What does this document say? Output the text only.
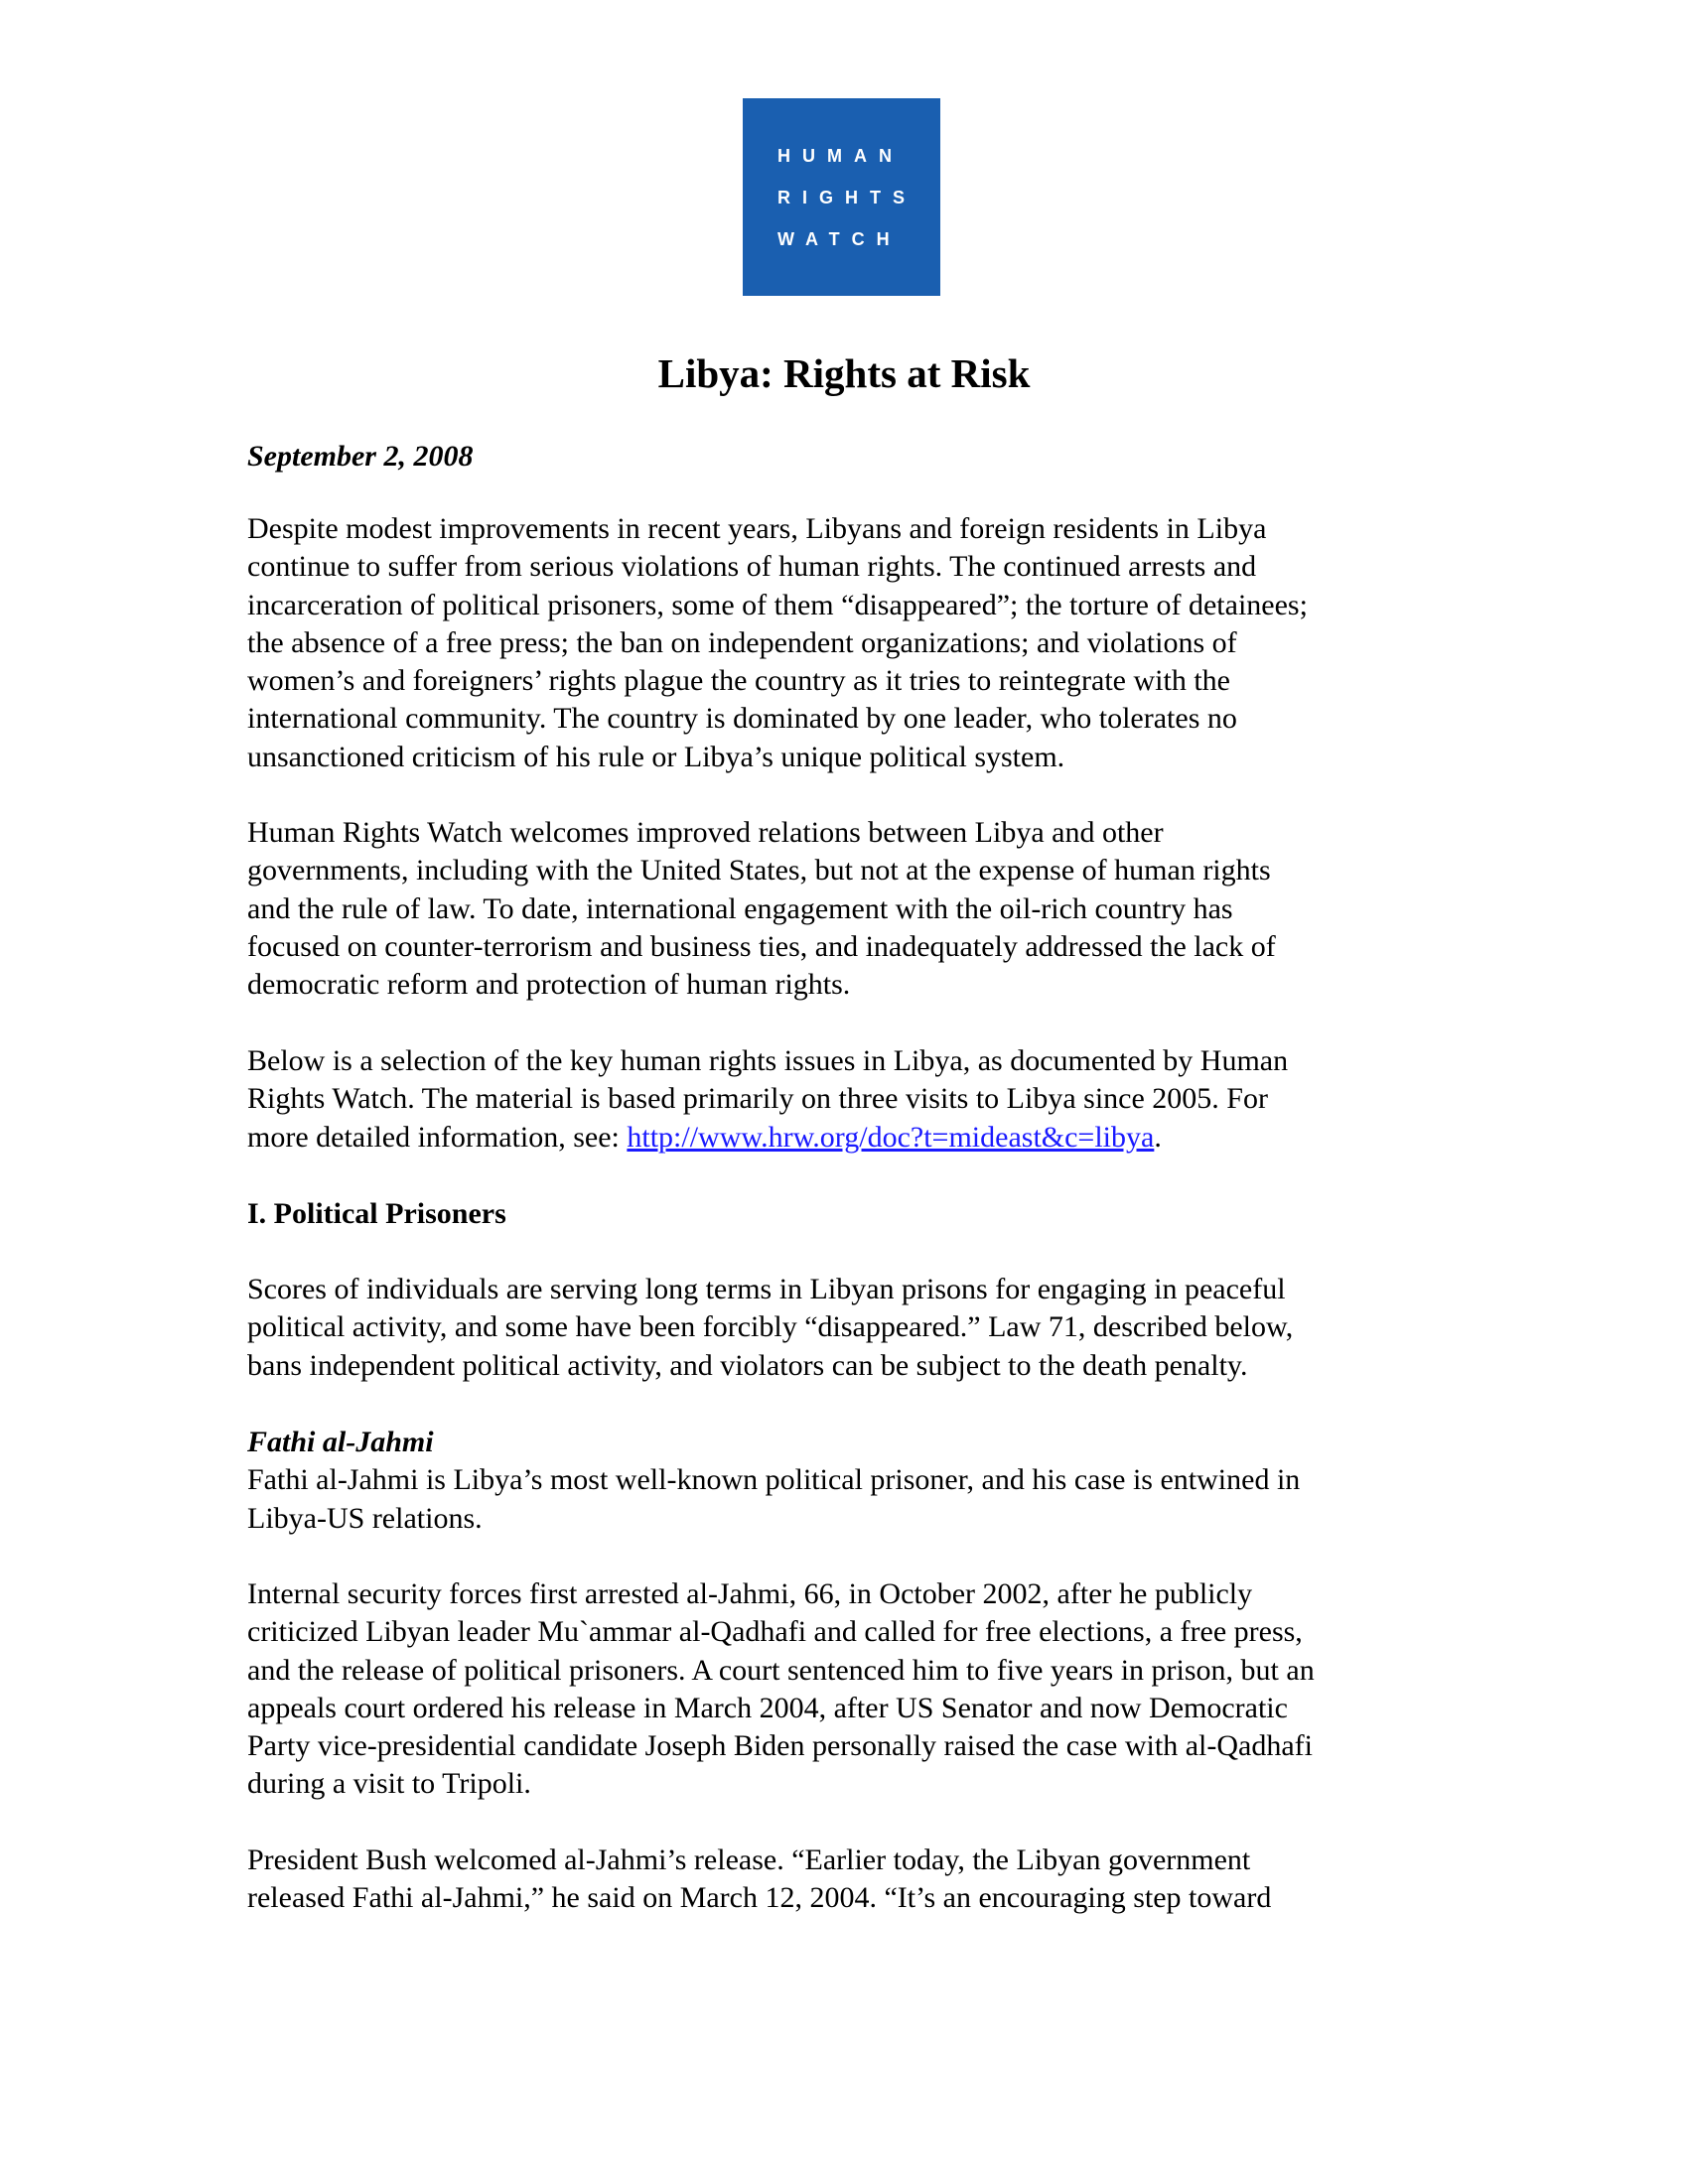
HUMAN
RIGHTS
WATCH
Libya: Rights at Risk
September 2, 2008
Despite modest improvements in recent years, Libyans and foreign residents in Libya
continue to suffer from serious violations of human rights. The continued arrests and
incarceration of political prisoners, some of them “disappeared”; the torture of detainees;
the absence of a free press; the ban on independent organizations; and violations of
women’s and foreigners’ rights plague the country as it tries to reintegrate with the
international community. The country is dominated by one leader, who tolerates no
unsanctioned criticism of his rule or Libya’s unique political system.
Human Rights Watch welcomes improved relations between Libya and other
governments, including with the United States, but not at the expense of human rights
and the rule of law. To date, international engagement with the oil-rich country has
focused on counter-terrorism and business ties, and inadequately addressed the lack of
democratic reform and protection of human rights.
Below is a selection of the key human rights issues in Libya, as documented by Human
Rights Watch. The material is based primarily on three visits to Libya since 2005. For
more detailed information, see: http://www.hrw.org/doc?t=mideast&c=libya.
I. Political Prisoners
Scores of individuals are serving long terms in Libyan prisons for engaging in peaceful
political activity, and some have been forcibly “disappeared.” Law 71, described below,
bans independent political activity, and violators can be subject to the death penalty.
Fathi al-Jahmi
Fathi al-Jahmi is Libya’s most well-known political prisoner, and his case is entwined in
Libya-US relations.
Internal security forces first arrested al-Jahmi, 66, in October 2002, after he publicly
criticized Libyan leader Mu`ammar al-Qadhafi and called for free elections, a free press,
and the release of political prisoners. A court sentenced him to five years in prison, but an
appeals court ordered his release in March 2004, after US Senator and now Democratic
Party vice-presidential candidate Joseph Biden personally raised the case with al-Qadhafi
during a visit to Tripoli.
President Bush welcomed al-Jahmi’s release. “Earlier today, the Libyan government
released Fathi al-Jahmi,” he said on March 12, 2004. “It’s an encouraging step toward
